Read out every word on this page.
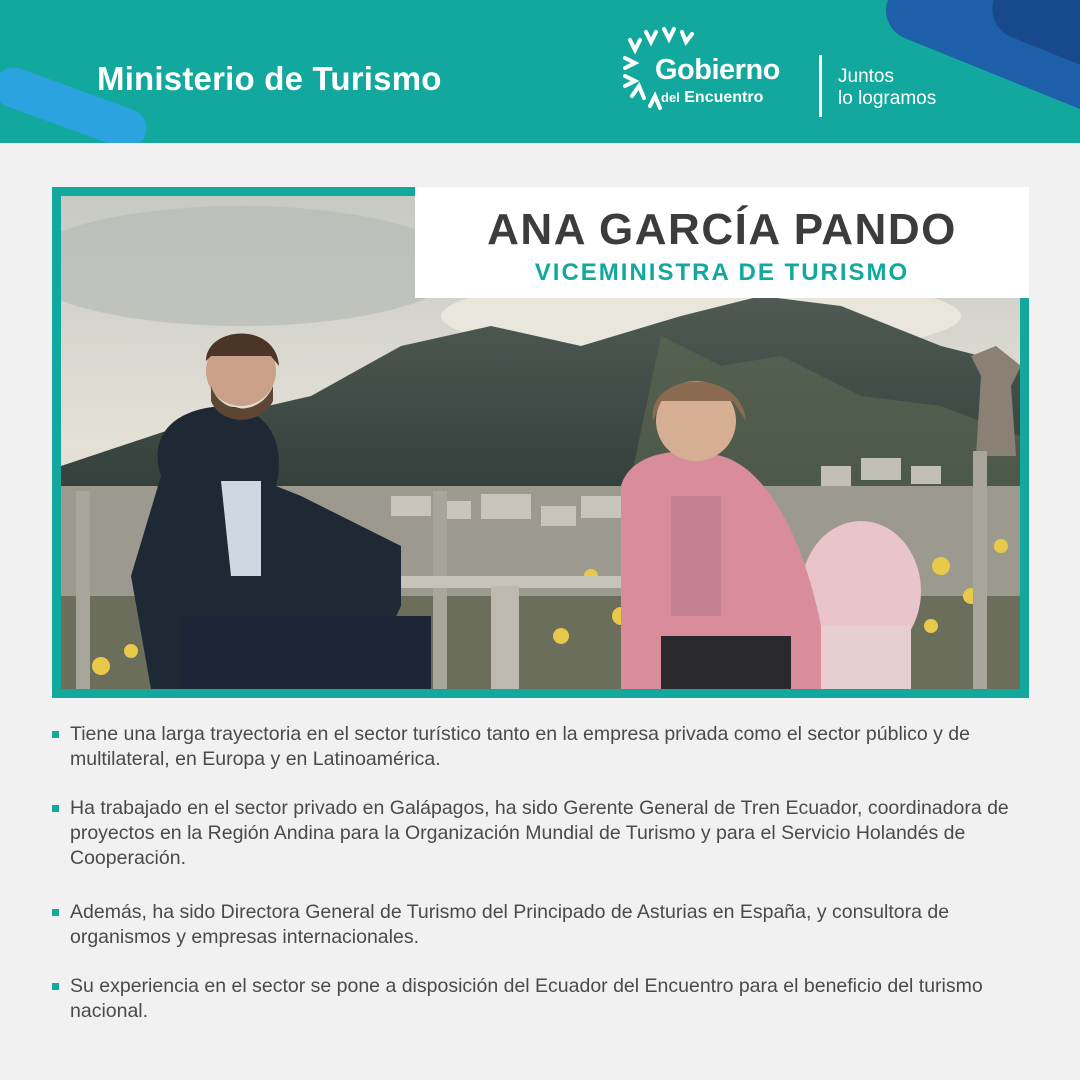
Ministerio de Turismo	Gobierno
del Encuentro
Juntos
lo logramos
ANA GARCÍA PANDO
VICEMINISTRA DE TURISMO
Tiene una larga trayectoria en el sector turístico tanto en la empresa privada como el sector público y de multilateral, en Europa y en Latinoamérica.
Ha trabajado en el sector privado en Galápagos, ha sido Gerente General de Tren Ecuador, coordinadora de proyectos en la Región Andina para la Organización Mundial de Turismo y para el Servicio Holandés de Cooperación.
Además, ha sido Directora General de Turismo del Principado de Asturias en España, y consultora de organismos y empresas internacionales.
Su experiencia en el sector se pone a disposición del Ecuador del Encuentro para el beneficio del turismo nacional.
